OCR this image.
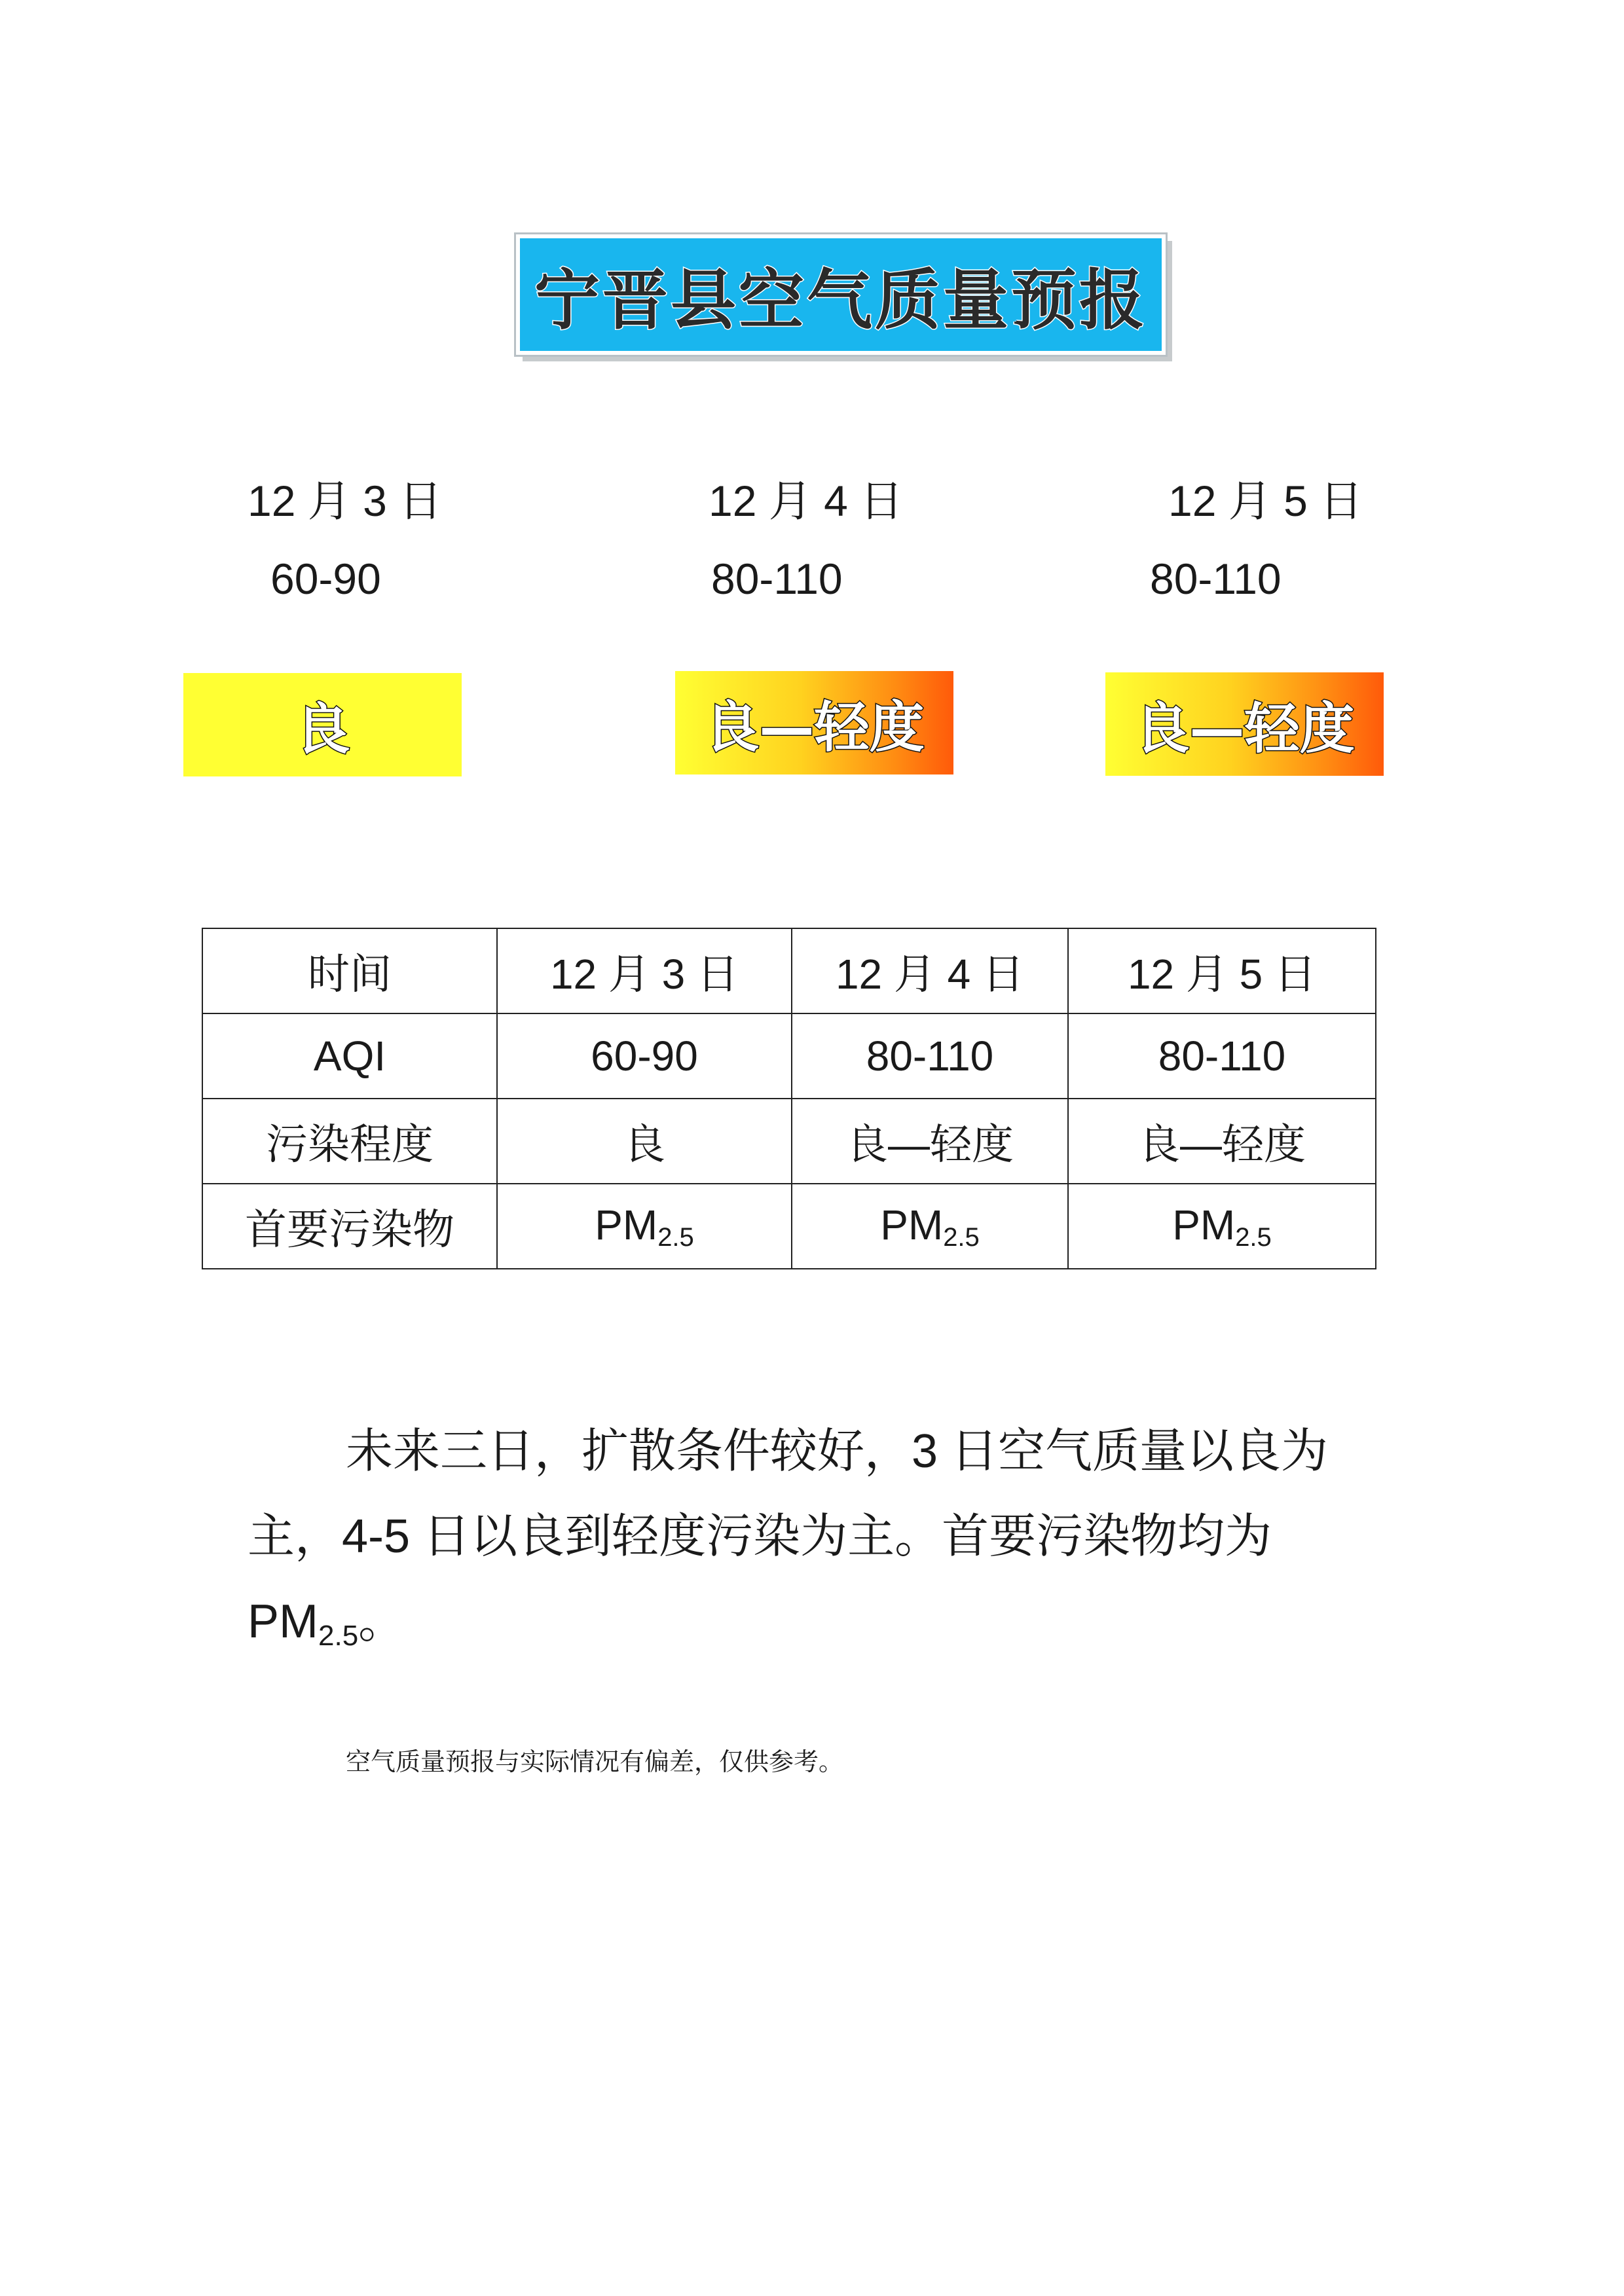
宁晋县空气质量预报
12 月 3 日
60-90
良
12 月 4 日
80-110
良—轻度
12 月 5 日
80-110
良—轻度
时间	12 月 3 日	12 月 4 日	12 月 5 日
AQI	60-90	80-110	80-110
污染程度	良	良—轻度	良—轻度
首要污染物	PM2.5	PM2.5	PM2.5

未来三日，扩散条件较好，3 日空气质量以良为主，4-5 日以良到轻度污染为主。首要污染物均为 $PM_{2.5}$。

空气质量预报与实际情况有偏差，仅供参考。
